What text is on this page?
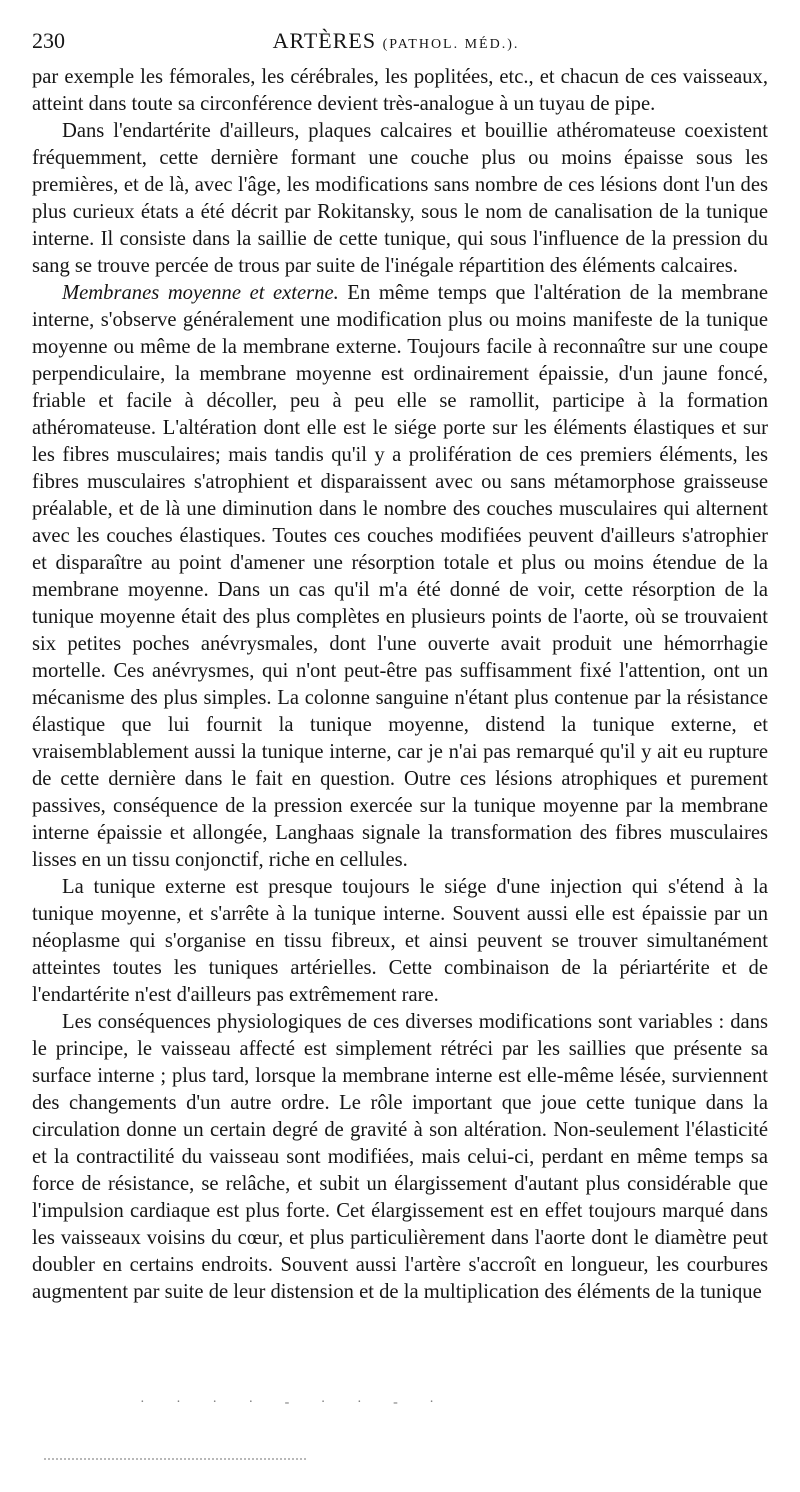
230	ARTÈRES (PATHOL. MÉD.).

par exemple les fémorales, les cérébrales, les poplitées, etc., et chacun de ces vaisseaux, atteint dans toute sa circonférence devient très-analogue à un tuyau de pipe.

Dans l'endartérite d'ailleurs, plaques calcaires et bouillie athéromateuse coexistent fréquemment, cette dernière formant une couche plus ou moins épaisse sous les premières, et de là, avec l'âge, les modifications sans nombre de ces lésions dont l'un des plus curieux états a été décrit par Rokitansky, sous le nom de canalisation de la tunique interne. Il consiste dans la saillie de cette tunique, qui sous l'influence de la pression du sang se trouve percée de trous par suite de l'inégale répartition des éléments calcaires.

Membranes moyenne et externe. En même temps que l'altération de la membrane interne, s'observe généralement une modification plus ou moins manifeste de la tunique moyenne ou même de la membrane externe. Toujours facile à reconnaître sur une coupe perpendiculaire, la membrane moyenne est ordinairement épaissie, d'un jaune foncé, friable et facile à décoller, peu à peu elle se ramollit, participe à la formation athéromateuse. L'altération dont elle est le siége porte sur les éléments élastiques et sur les fibres musculaires; mais tandis qu'il y a prolifération de ces premiers éléments, les fibres musculaires s'atrophient et disparaissent avec ou sans métamorphose graisseuse préalable, et de là une diminution dans le nombre des couches musculaires qui alternent avec les couches élastiques. Toutes ces couches modifiées peuvent d'ailleurs s'atrophier et disparaître au point d'amener une résorption totale et plus ou moins étendue de la membrane moyenne. Dans un cas qu'il m'a été donné de voir, cette résorption de la tunique moyenne était des plus complètes en plusieurs points de l'aorte, où se trouvaient six petites poches anévrysmales, dont l'une ouverte avait produit une hémorrhagie mortelle. Ces anévrysmes, qui n'ont peut-être pas suffisamment fixé l'attention, ont un mécanisme des plus simples. La colonne sanguine n'étant plus contenue par la résistance élastique que lui fournit la tunique moyenne, distend la tunique externe, et vraisemblablement aussi la tunique interne, car je n'ai pas remarqué qu'il y ait eu rupture de cette dernière dans le fait en question. Outre ces lésions atrophiques et purement passives, conséquence de la pression exercée sur la tunique moyenne par la membrane interne épaissie et allongée, Langhaas signale la transformation des fibres musculaires lisses en un tissu conjonctif, riche en cellules.

La tunique externe est presque toujours le siége d'une injection qui s'étend à la tunique moyenne, et s'arrête à la tunique interne. Souvent aussi elle est épaissie par un néoplasme qui s'organise en tissu fibreux, et ainsi peuvent se trouver simultanément atteintes toutes les tuniques artérielles. Cette combinaison de la périartérite et de l'endartérite n'est d'ailleurs pas extrêmement rare.

Les conséquences physiologiques de ces diverses modifications sont variables : dans le principe, le vaisseau affecté est simplement rétréci par les saillies que présente sa surface interne ; plus tard, lorsque la membrane interne est elle-même lésée, surviennent des changements d'un autre ordre. Le rôle important que joue cette tunique dans la circulation donne un certain degré de gravité à son altération. Non-seulement l'élasticité et la contractilité du vaisseau sont modifiées, mais celui-ci, perdant en même temps sa force de résistance, se relâche, et subit un élargissement d'autant plus considérable que l'impulsion cardiaque est plus forte. Cet élargissement est en effet toujours marqué dans les vaisseaux voisins du cœur, et plus particulièrement dans l'aorte dont le diamètre peut doubler en certains endroits. Souvent aussi l'artère s'accroît en longueur, les courbures augmentent par suite de leur distension et de la multiplication des éléments de la tunique

· · · · ‐ · · ‐ ·
